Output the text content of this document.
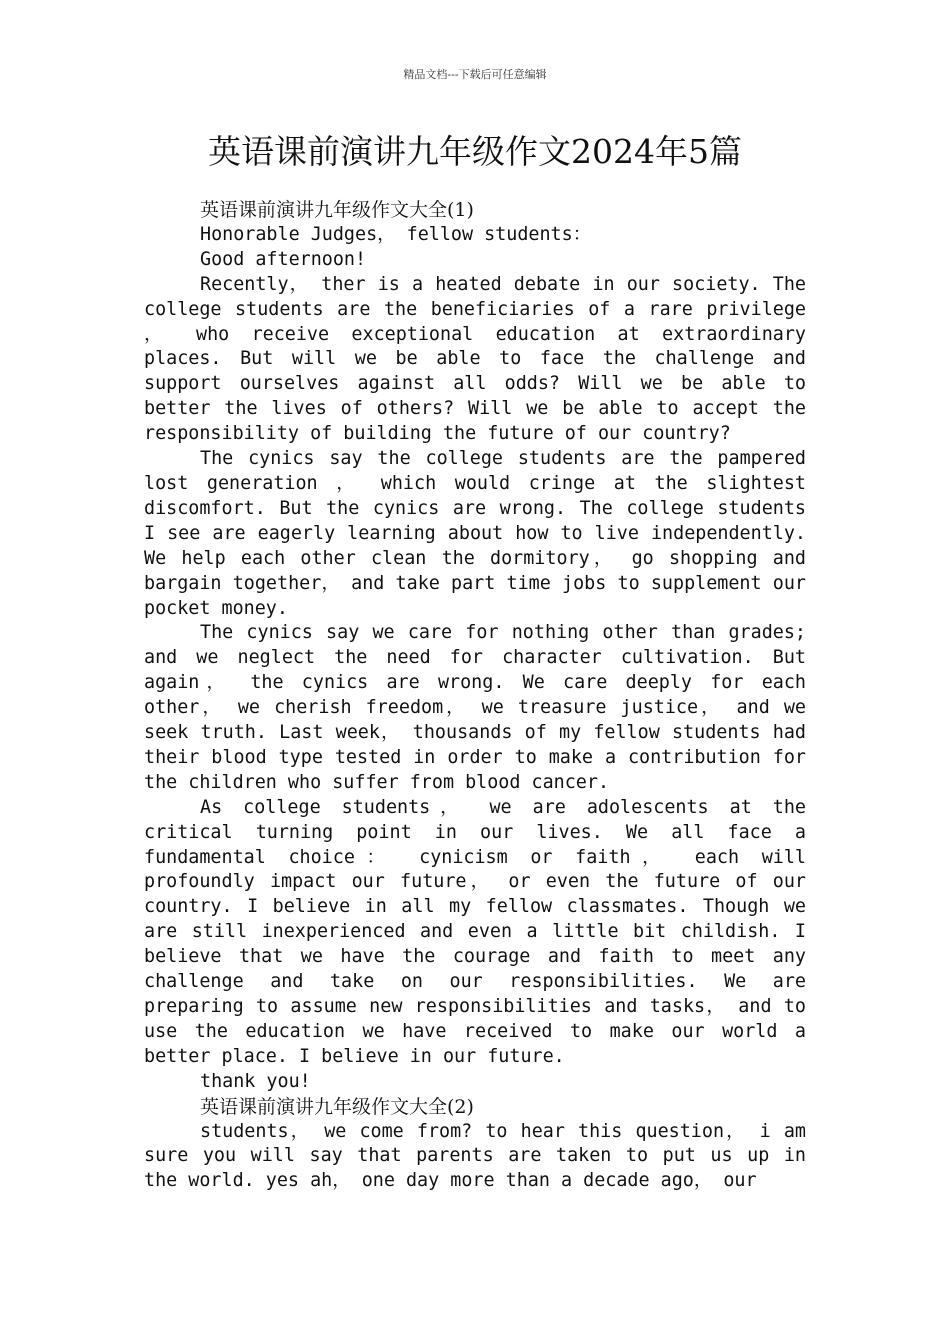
精品文档---下载后可任意编辑
英语课前演讲九年级作文2024年5篇

英语课前演讲九年级作文大全(1)

Honorable Judges， fellow students：

Good afternoon!

Recently， ther is a heated debate in our society. The college students are the beneficiaries of a rare privilege ， who receive exceptional education at extraordinary places. But will we be able to face the challenge and support ourselves against all odds? Will we be able to better the lives of others? Will we be able to accept the responsibility of building the future of our country?

The cynics say the college students are the pampered lost generation ， which would cringe at the slightest discomfort. But the cynics are wrong. The college students I see are eagerly learning about how to live independently. We help each other clean the dormitory， go shopping and bargain together， and take part time jobs to supplement our pocket money.

The cynics say we care for nothing other than grades; and we neglect the need for character cultivation. But again， the cynics are wrong. We care deeply for each other， we cherish freedom， we treasure justice， and we seek truth. Last week， thousands of my fellow students had their blood type tested in order to make a contribution for the children who suffer from blood cancer.

As college students， we are adolescents at the critical turning point in our lives. We all face a fundamental choice： cynicism or faith， each will profoundly impact our future， or even the future of our country. I believe in all my fellow classmates. Though we are still inexperienced and even a little bit childish. I believe that we have the courage and faith to meet any challenge and take on our responsibilities. We are preparing to assume new responsibilities and tasks， and to use the education we have received to make our world a better place. I believe in our future.

thank you!

英语课前演讲九年级作文大全(2)

students， we come from? to hear this question， i am sure you will say that parents are taken to put us up in the world. yes ah， one day more than a decade ago， our
